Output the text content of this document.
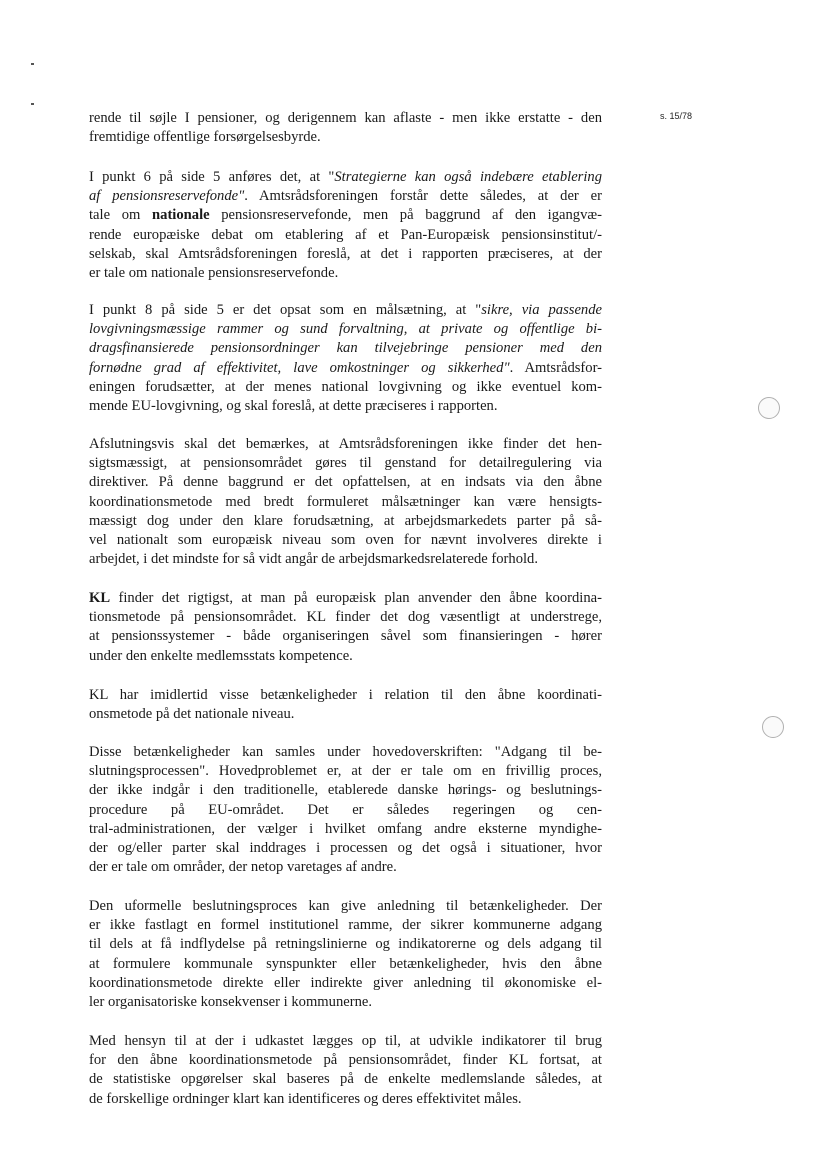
s. 15/78
rende til søjle I pensioner, og derigennem kan aflaste - men ikke erstatte - den
fremtidige offentlige forsørgelsesbyrde.
I punkt 6 på side 5 anføres det, at "Strategierne kan også indebære etablering
af pensionsreservefonde". Amtsrådsforeningen forstår dette således, at der er
tale om nationale pensionsreservefonde, men på baggrund af den igangvæ-
rende europæiske debat om etablering af et Pan-Europæisk pensionsinstitut/-
selskab, skal Amtsrådsforeningen foreslå, at det i rapporten præciseres, at der
er tale om nationale pensionsreservefonde.
I punkt 8 på side 5 er det opsat som en målsætning, at "sikre, via passende
lovgivningsmæssige rammer og sund forvaltning, at private og offentlige bi-
dragsfinansierede pensionsordninger kan tilvejebringe pensioner med den
fornødne grad af effektivitet, lave omkostninger og sikkerhed". Amtsrådsfor-
eningen forudsætter, at der menes national lovgivning og ikke eventuel kom-
mende EU-lovgivning, og skal foreslå, at dette præciseres i rapporten.
Afslutningsvis skal det bemærkes, at Amtsrådsforeningen ikke finder det hen-
sigtsmæssigt, at pensionsområdet gøres til genstand for detailregulering via
direktiver. På denne baggrund er det opfattelsen, at en indsats via den åbne
koordinationsmetode med bredt formuleret målsætninger kan være hensigts-
mæssigt dog under den klare forudsætning, at arbejdsmarkedets parter på så-
vel nationalt som europæisk niveau som oven for nævnt involveres direkte i
arbejdet, i det mindste for så vidt angår de arbejdsmarkedsrelaterede forhold.
KL finder det rigtigst, at man på europæisk plan anvender den åbne koordina-
tionsmetode på pensionsområdet. KL finder det dog væsentligt at understrege,
at pensionssystemer - både organiseringen såvel som finansieringen - hører
under den enkelte medlemsstats kompetence.
KL har imidlertid visse betænkeligheder i relation til den åbne koordinati-
onsmetode på det nationale niveau.
Disse betænkeligheder kan samles under hovedoverskriften: "Adgang til be-
slutningsprocessen". Hovedproblemet er, at der er tale om en frivillig proces,
der ikke indgår i den traditionelle, etablerede danske hørings- og beslutnings-
procedure på EU-området. Det er således regeringen og cen-
tral-administrationen, der vælger i hvilket omfang andre eksterne myndighe-
der og/eller parter skal inddrages i processen og det også i situationer, hvor
der er tale om områder, der netop varetages af andre.
Den uformelle beslutningsproces kan give anledning til betænkeligheder. Der
er ikke fastlagt en formel institutionel ramme, der sikrer kommunerne adgang
til dels at få indflydelse på retningslinierne og indikatorerne og dels adgang til
at formulere kommunale synspunkter eller betænkeligheder, hvis den åbne
koordinationsmetode direkte eller indirekte giver anledning til økonomiske el-
ler organisatoriske konsekvenser i kommunerne.
Med hensyn til at der i udkastet lægges op til, at udvikle indikatorer til brug
for den åbne koordinationsmetode på pensionsområdet, finder KL fortsat, at
de statistiske opgørelser skal baseres på de enkelte medlemslande således, at
de forskellige ordninger klart kan identificeres og deres effektivitet måles.
